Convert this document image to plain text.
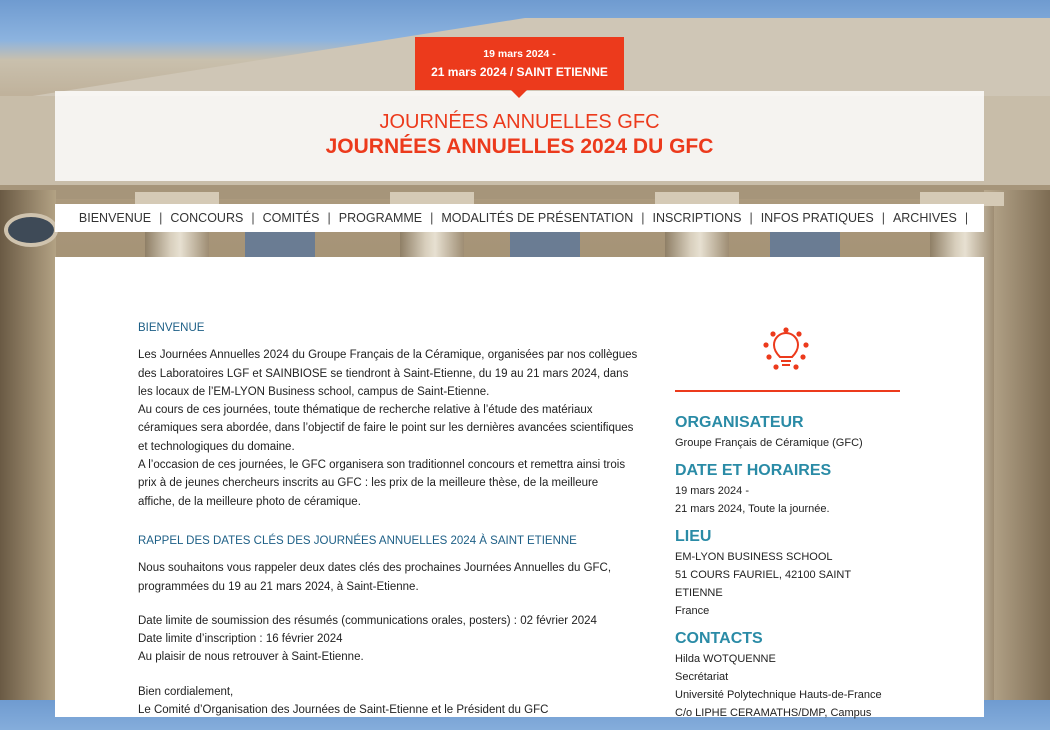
19 mars 2024 -
21 mars 2024 / SAINT ETIENNE
JOURNÉES ANNUELLES GFC
JOURNÉES ANNUELLES 2024 DU GFC
BIENVENUE | CONCOURS | COMITÉS | PROGRAMME | MODALITÉS DE PRÉSENTATION | INSCRIPTIONS | INFOS PRATIQUES | ARCHIVES |
BIENVENUE

Les Journées Annuelles 2024 du Groupe Français de la Céramique, organisées par nos collègues des Laboratoires LGF et SAINBIOSE se tiendront à Saint-Etienne, du 19 au 21 mars 2024, dans les locaux de l’EM-LYON Business school, campus de Saint-Etienne.

Au cours de ces journées, toute thématique de recherche relative à l’étude des matériaux céramiques sera abordée, dans l’objectif de faire le point sur les dernières avancées scientifiques et technologiques du domaine.

A l’occasion de ces journées, le GFC organisera son traditionnel concours et remettra ainsi trois prix à de jeunes chercheurs inscrits au GFC : les prix de la meilleure thèse, de la meilleure affiche, de la meilleure photo de céramique.

RAPPEL DES DATES CLÉS DES JOURNÉES ANNUELLES 2024 À SAINT ETIENNE

Nous souhaitons vous rappeler deux dates clés des prochaines Journées Annuelles du GFC, programmées du 19 au 21 mars 2024, à Saint-Etienne.

Date limite de soumission des résumés (communications orales, posters) : 02 février 2024

Date limite d’inscription : 16 février 2024

Au plaisir de nous retrouver à Saint-Etienne.

Bien cordialement,

Le Comité d’Organisation des Journées de Saint-Etienne et le Président du GFC

ORGANISATEUR
Groupe Français de Céramique (GFC)
DATE ET HORAIRES
19 mars 2024 -
21 mars 2024, Toute la journée.
LIEU
EM-LYON BUSINESS SCHOOL
51 COURS FAURIEL, 42100 SAINT ETIENNE
France
CONTACTS
Hilda WOTQUENNE
Secrétariat
Université Polytechnique Hauts-de-France
C/o LIPHE CERAMATHS/DMP, Campus
